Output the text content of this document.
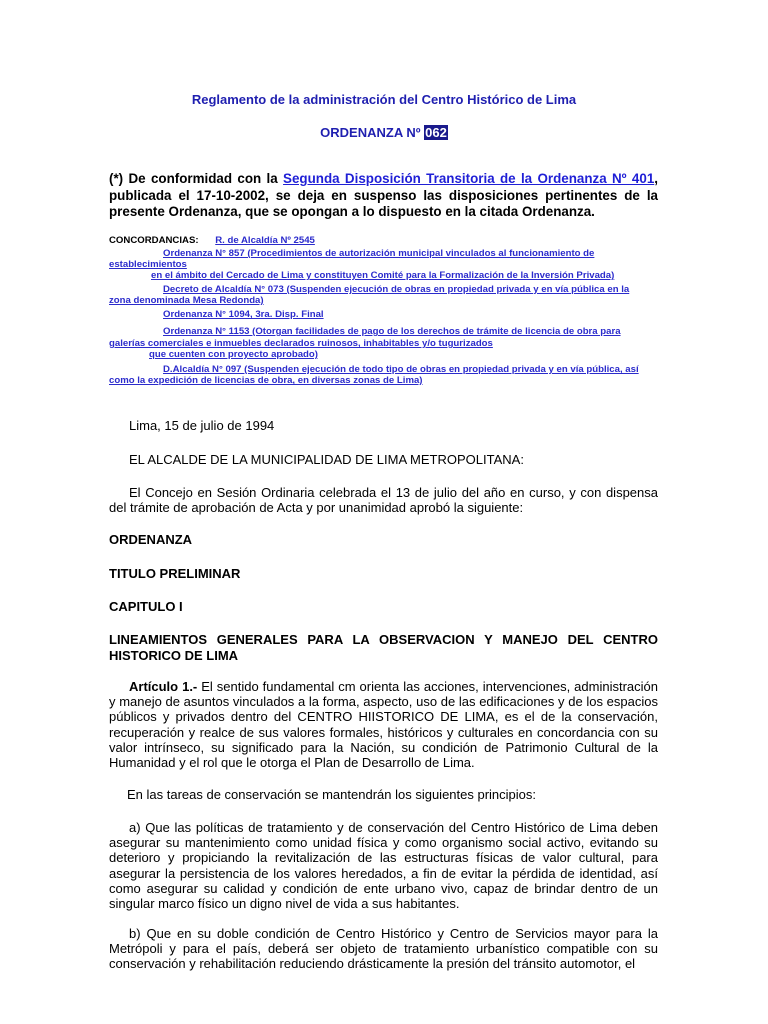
Reglamento de la administración del Centro Histórico de Lima
ORDENANZA Nº 062
(*) De conformidad con la Segunda Disposición Transitoria de la Ordenanza Nº 401, publicada el 17-10-2002, se deja en suspenso las disposiciones pertinentes de la presente Ordenanza, que se opongan a lo dispuesto en la citada Ordenanza.
CONCORDANCIAS: R. de Alcaldía Nº 2545
Ordenanza N° 857 (Procedimientos de autorización municipal vinculados al funcionamiento de
establecimientos
en el ámbito del Cercado de Lima y constituyen Comité para la Formalización de la Inversión Privada)
Decreto de Alcaldía N° 073 (Suspenden ejecución de obras en propiedad privada y en vía pública en la
zona denominada Mesa Redonda)
Ordenanza N° 1094, 3ra. Disp. Final
Ordenanza N° 1153 (Otorgan facilidades de pago de los derechos de trámite de licencia de obra para
galerías comerciales e inmuebles declarados ruinosos, inhabitables y/o tugurizados
que cuenten con proyecto aprobado)
D.Alcaldía N° 097 (Suspenden ejecución de todo tipo de obras en propiedad privada y en vía pública, así
como la expedición de licencias de obra, en diversas zonas de Lima)
Lima, 15 de julio de 1994
EL ALCALDE DE LA MUNICIPALIDAD DE LIMA METROPOLITANA:
El Concejo en Sesión Ordinaria celebrada el 13 de julio del año en curso, y con dispensa del trámite de aprobación de Acta y por unanimidad aprobó la siguiente:
ORDENANZA
TITULO PRELIMINAR
CAPITULO I
LINEAMIENTOS GENERALES PARA LA OBSERVACION Y MANEJO DEL CENTRO HISTORICO DE LIMA
Artículo 1.- El sentido fundamental cm orienta las acciones, intervenciones, administración y manejo de asuntos vinculados a la forma, aspecto, uso de las edificaciones y de los espacios públicos y privados dentro del CENTRO HIISTORICO DE LIMA, es el de la conservación, recuperación y realce de sus valores formales, históricos y culturales en concordancia con su valor intrínseco, su significado para la Nación, su condición de Patrimonio Cultural de la Humanidad y el rol que le otorga el Plan de Desarrollo de Lima.
En las tareas de conservación se mantendrán los siguientes principios:
a) Que las políticas de tratamiento y de conservación del Centro Histórico de Lima deben asegurar su mantenimiento como unidad física y como organismo social activo, evitando su deterioro y propiciando la revitalización de las estructuras físicas de valor cultural, para asegurar la persistencia de los valores heredados, a fin de evitar la pérdida de identidad, así como asegurar su calidad y condición de ente urbano vivo, capaz de brindar dentro de un singular marco físico un digno nivel de vida a sus habitantes.
b) Que en su doble condición de Centro Histórico y Centro de Servicios mayor para la Metrópoli y para el país, deberá ser objeto de tratamiento urbanístico compatible con su conservación y rehabilitación reduciendo drásticamente la presión del tránsito automotor, el
